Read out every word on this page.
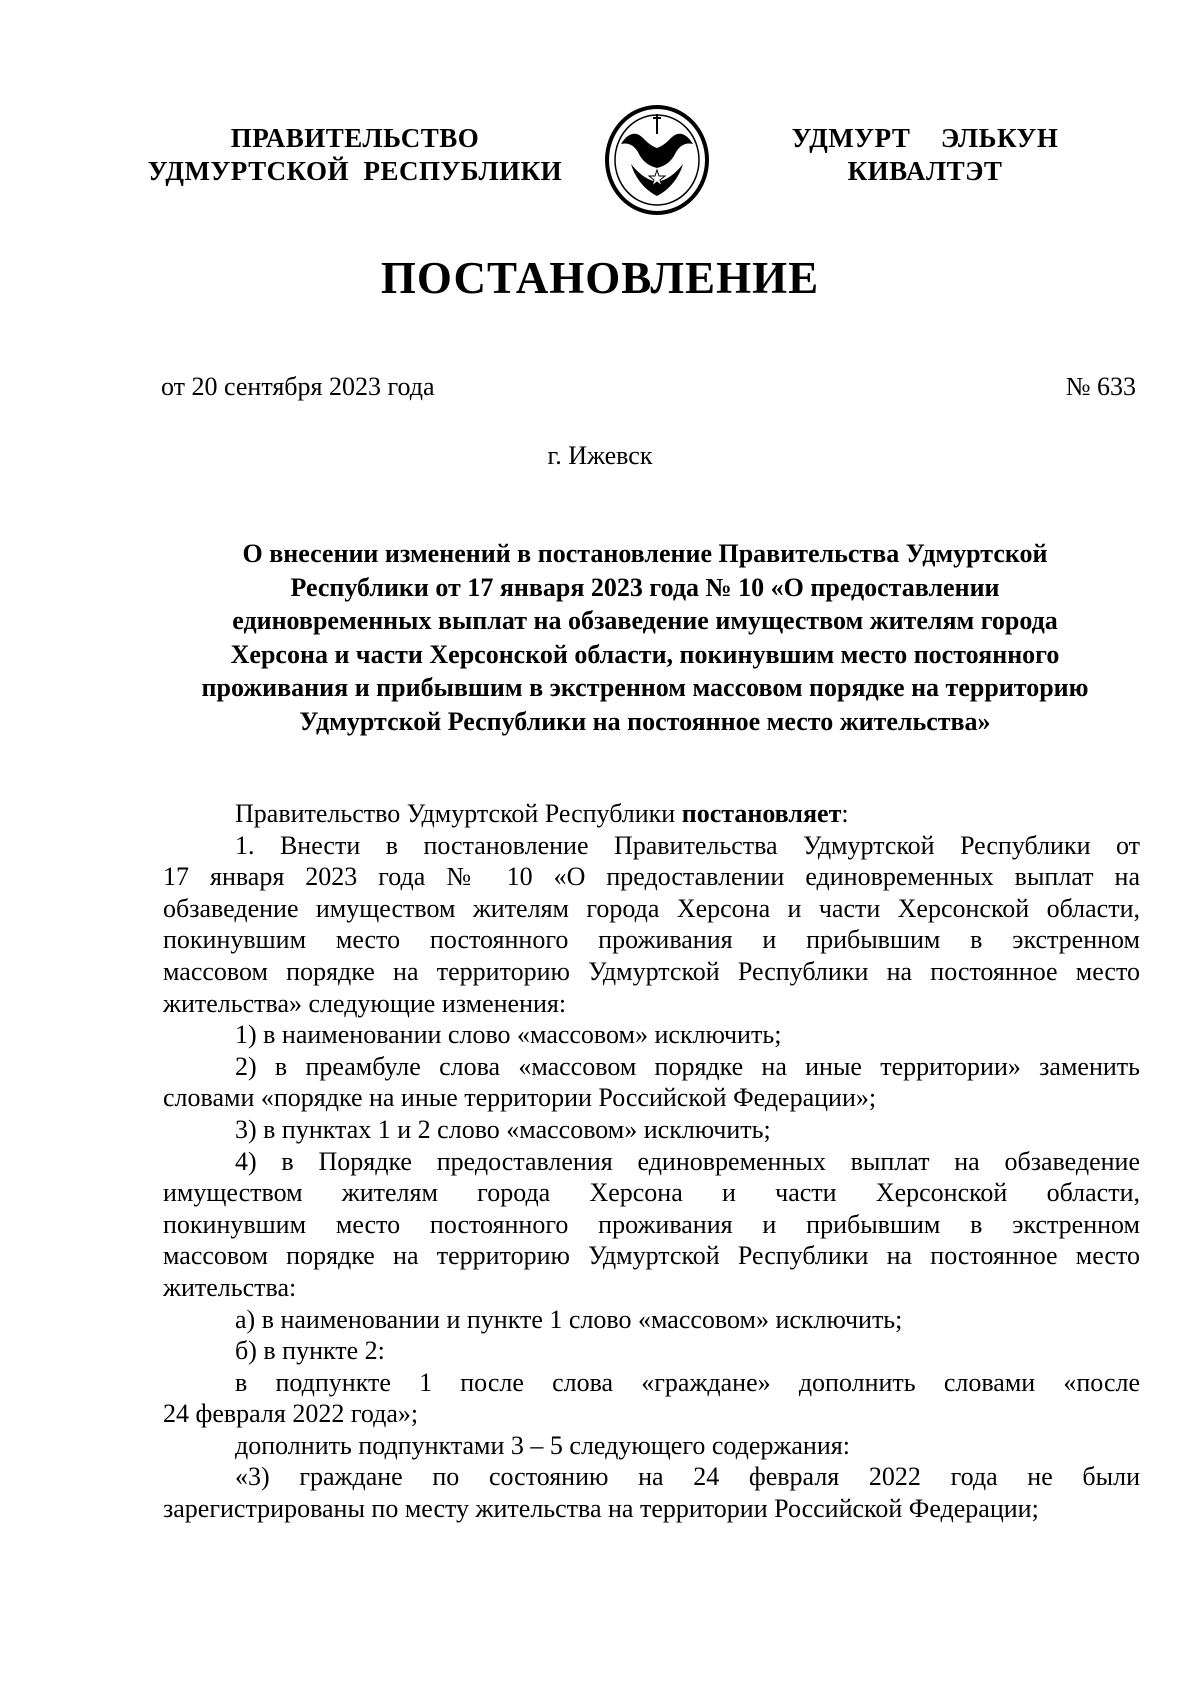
ПРАВИТЕЛЬСТВО
УДМУРТСКОЙ  РЕСПУБЛИКИ
УДМУРТ  ЭЛЬКУН
КИВАЛТЭТ
ПОСТАНОВЛЕНИЕ
от 20 сентября 2023 года	№ 633
г. Ижевск
О внесении изменений в постановление Правительства Удмуртской
Республики от 17 января 2023 года № 10 «О предоставлении
единовременных выплат на обзаведение имуществом жителям города
Херсона и части Херсонской области, покинувшим место постоянного
проживания и прибывшим в экстренном массовом порядке на территорию
Удмуртской Республики на постоянное место жительства»
Правительство Удмуртской Республики постановляет:
1. Внести в постановление Правительства Удмуртской Республики от
17 января 2023 года № 10 «О предоставлении единовременных выплат на
обзаведение имуществом жителям города Херсона и части Херсонской области,
покинувшим место постоянного проживания и прибывшим в экстренном
массовом порядке на территорию Удмуртской Республики на постоянное место
жительства» следующие изменения:
1) в наименовании слово «массовом» исключить;
2) в преамбуле слова «массовом порядке на иные территории» заменить
словами «порядке на иные территории Российской Федерации»;
3) в пунктах 1 и 2 слово «массовом» исключить;
4) в Порядке предоставления единовременных выплат на обзаведение
имуществом жителям города Херсона и части Херсонской области,
покинувшим место постоянного проживания и прибывшим в экстренном
массовом порядке на территорию Удмуртской Республики на постоянное место
жительства:
а) в наименовании и пункте 1 слово «массовом» исключить;
б) в пункте 2:
в подпункте 1 после слова «граждане» дополнить словами «после
24 февраля 2022 года»;
дополнить подпунктами 3 – 5 следующего содержания:
«3) граждане по состоянию на 24 февраля 2022 года не были
зарегистрированы по месту жительства на территории Российской Федерации;
